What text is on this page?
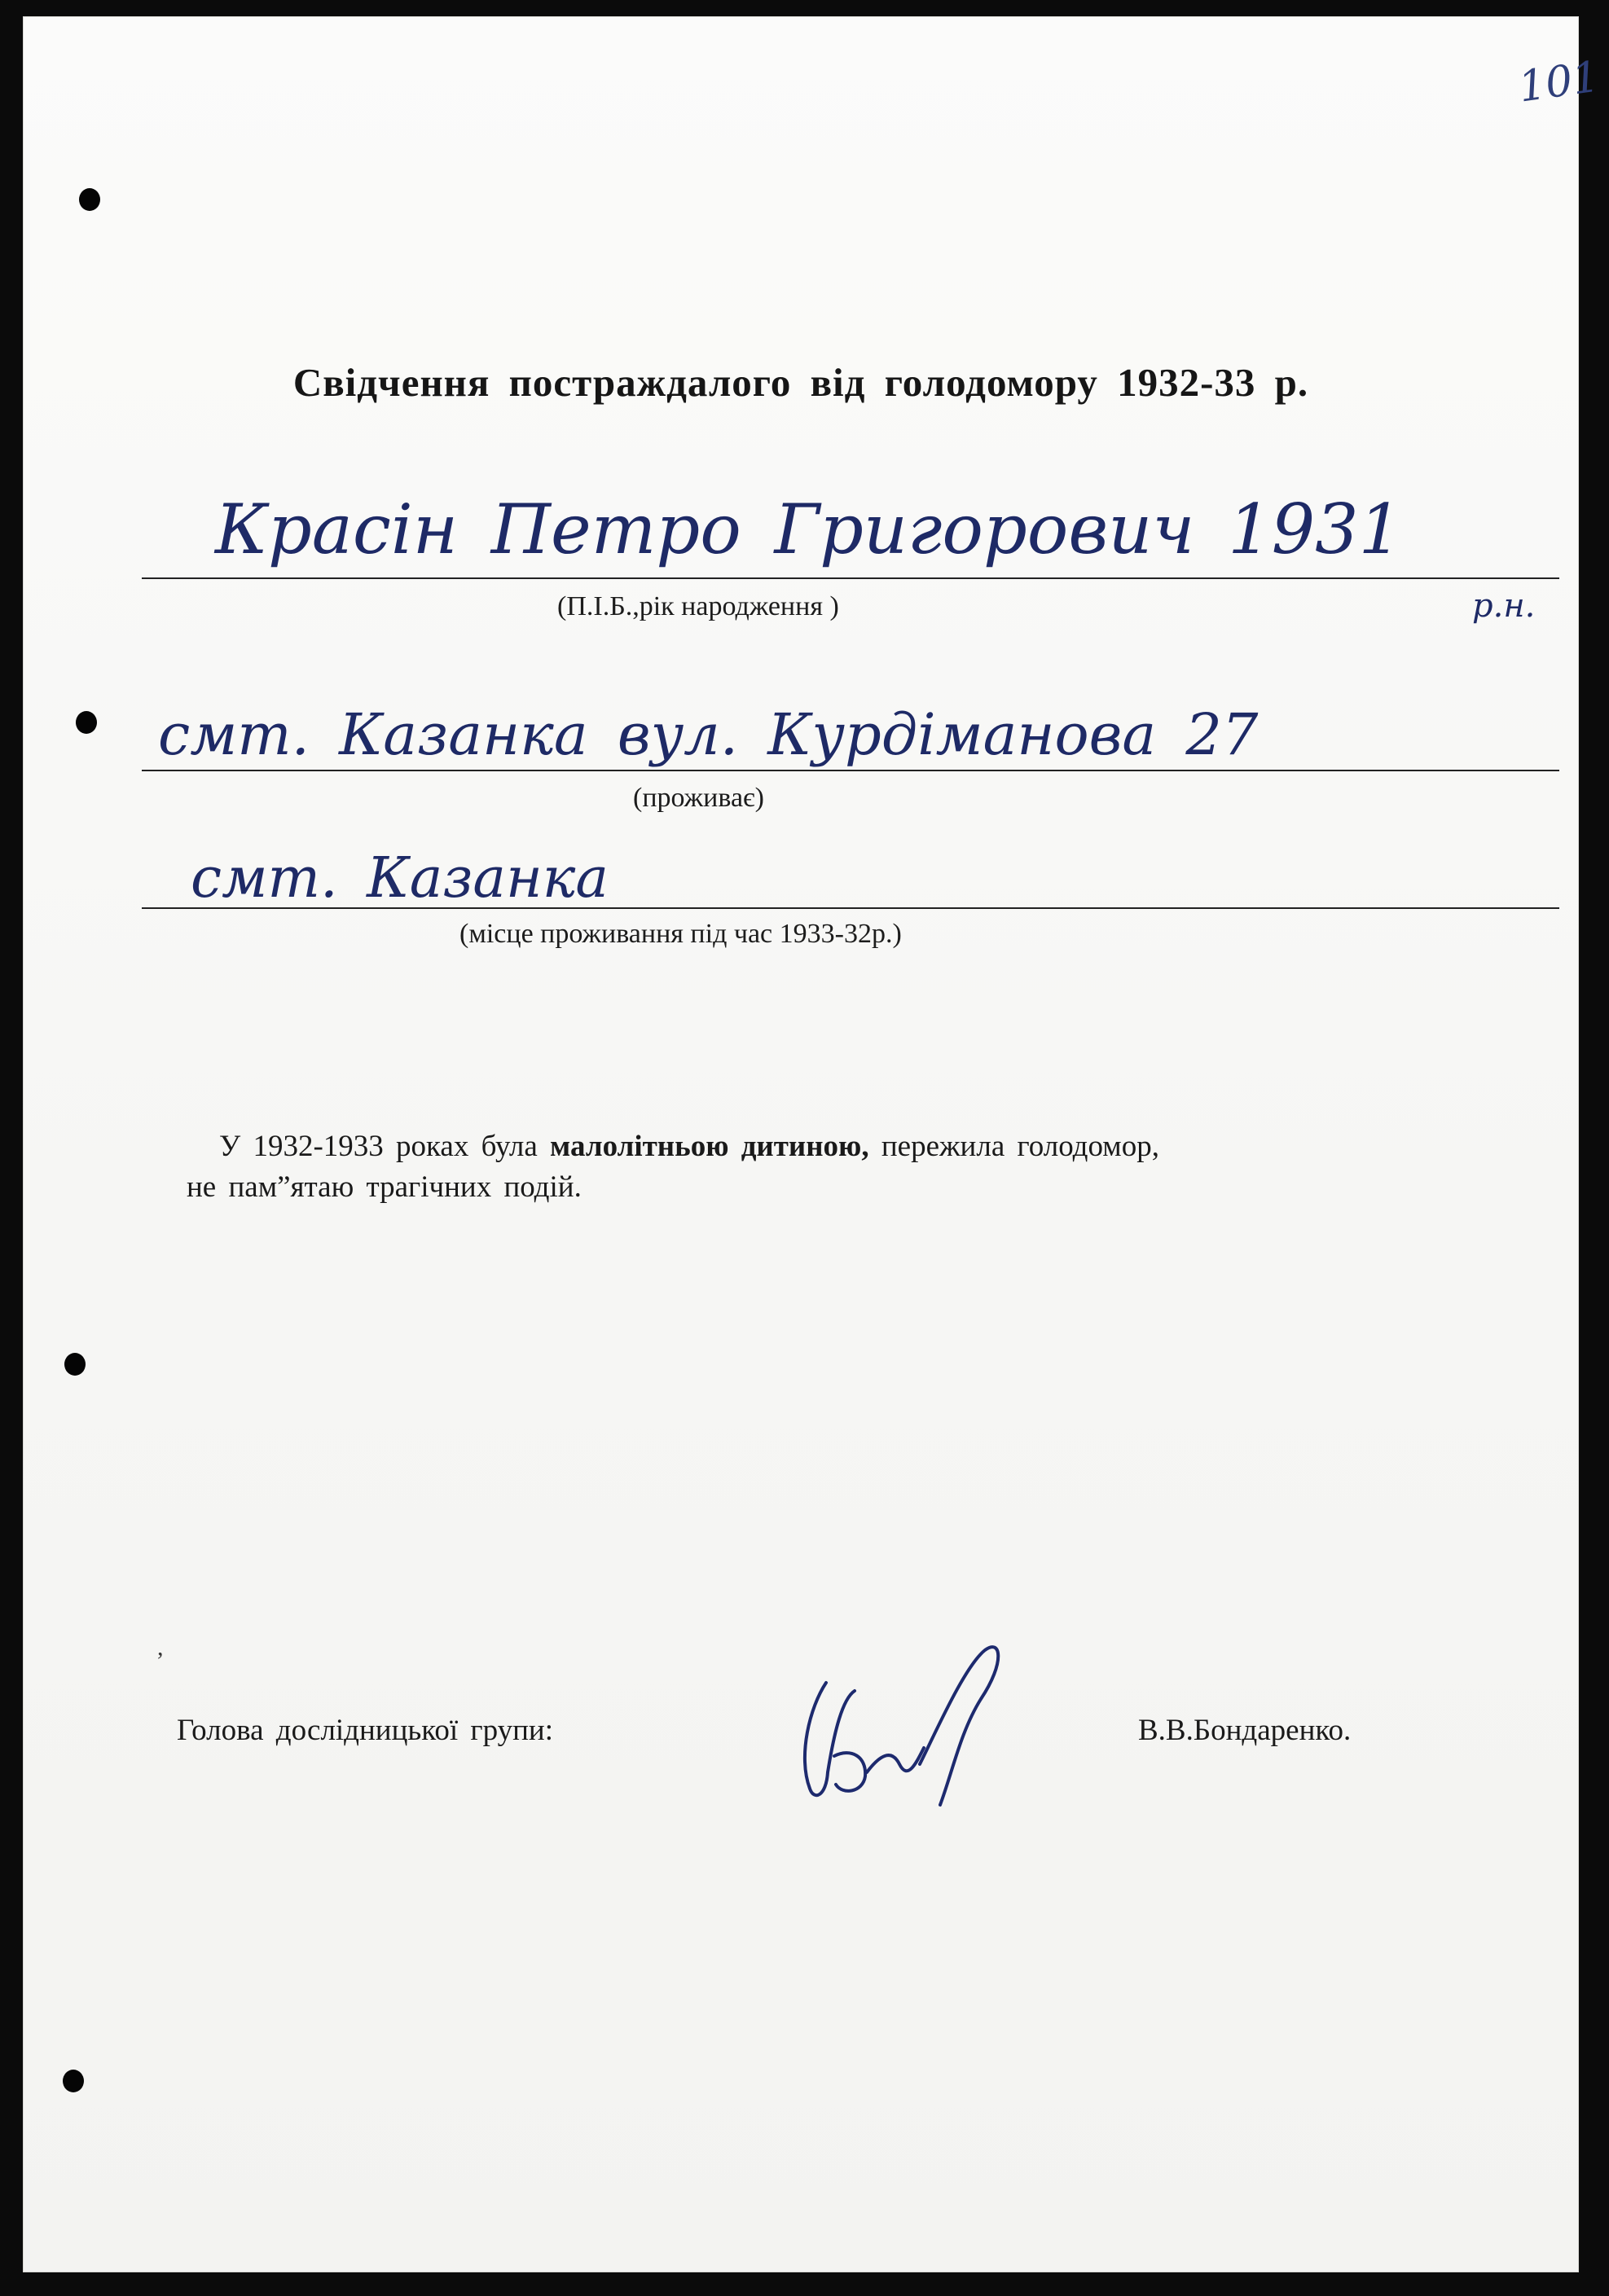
101
Свідчення постраждалого від голодомору 1932-33 р.
Красін Петро Григорович 1931
р.н.
(П.І.Б.,рік народження )
смт. Казанка вул. Курдіманова 27
(проживає)
смт. Казанка
(місце проживання під час 1933-32р.)
У 1932-1933 роках була малолітньою дитиною, пережила голодомор,
не пам”ятаю трагічних подій.
,
Голова дослідницької групи:	В.В.Бондаренко.
